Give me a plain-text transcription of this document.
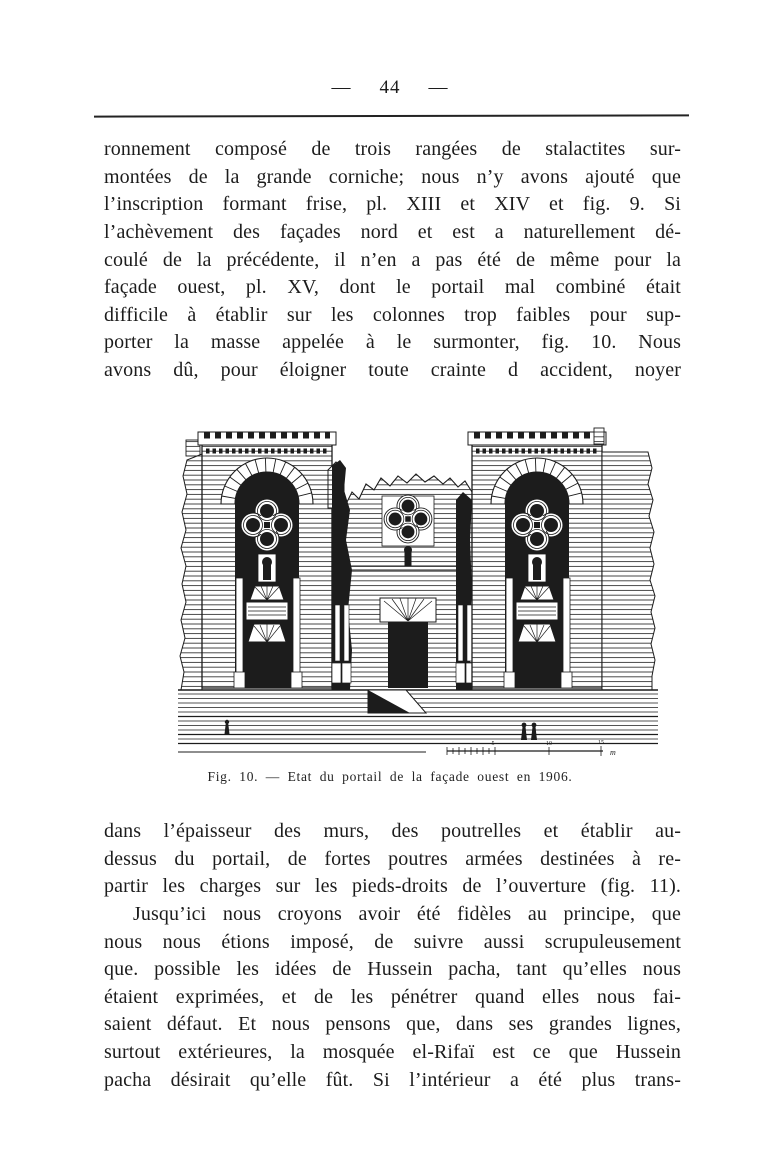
— 44 —
ronnement composé de trois rangées de stalactites sur-
montées de la grande corniche; nous n’y avons ajouté que
l’inscription formant frise, pl. XIII et XIV et fig. 9. Si
l’achèvement des façades nord et est a naturellement dé-
coulé de la précédente, il n’en a pas été de même pour la
façade ouest, pl. XV, dont le portail mal combiné était
difficile à établir sur les colonnes trop faibles pour sup-
porter la masse appelée à le surmonter, fig. 10. Nous
avons dû, pour éloigner toute crainte d accident, noyer
5	10	15
m
Fig. 10. — Etat du portail de la façade ouest en 1906.
dans l’épaisseur des murs, des poutrelles et établir au-
dessus du portail, de fortes poutres armées destinées à re-
partir les charges sur les pieds-droits de l’ouverture (fig. 11).
Jusqu’ici nous croyons avoir été fidèles au principe, que
nous nous étions imposé, de suivre aussi scrupuleusement
que. possible les idées de Hussein pacha, tant qu’elles nous
étaient exprimées, et de les pénétrer quand elles nous fai-
saient défaut. Et nous pensons que, dans ses grandes lignes,
surtout extérieures, la mosquée el-Rifaï est ce que Hussein
pacha désirait qu’elle fût. Si l’intérieur a été plus trans-
